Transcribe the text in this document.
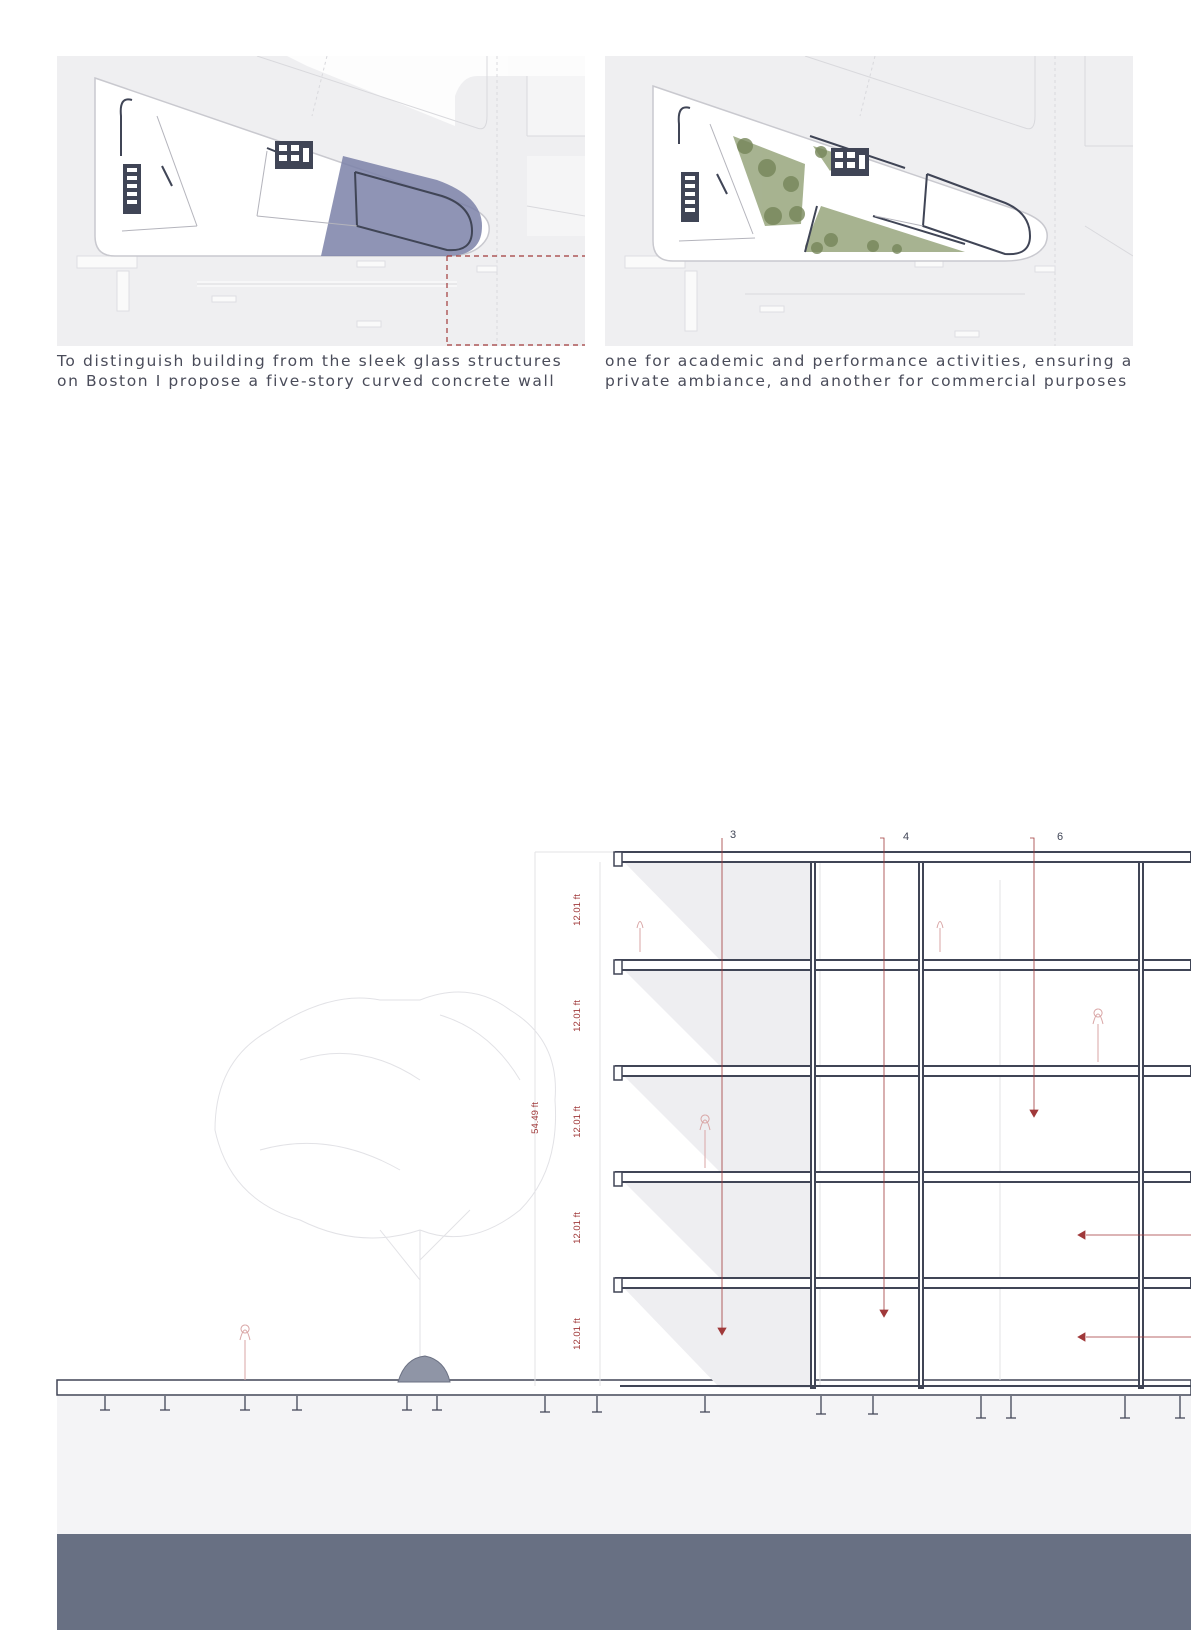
To distinguish building from the sleek glass structures
on Boston I propose a five-story curved concrete wall
one for academic and performance activities, ensuring a
private ambiance, and another for commercial purposes
3	4	6
12.01 ft
12.01 ft
12.01 ft
12.01 ft
12.01 ft
54.49 ft
